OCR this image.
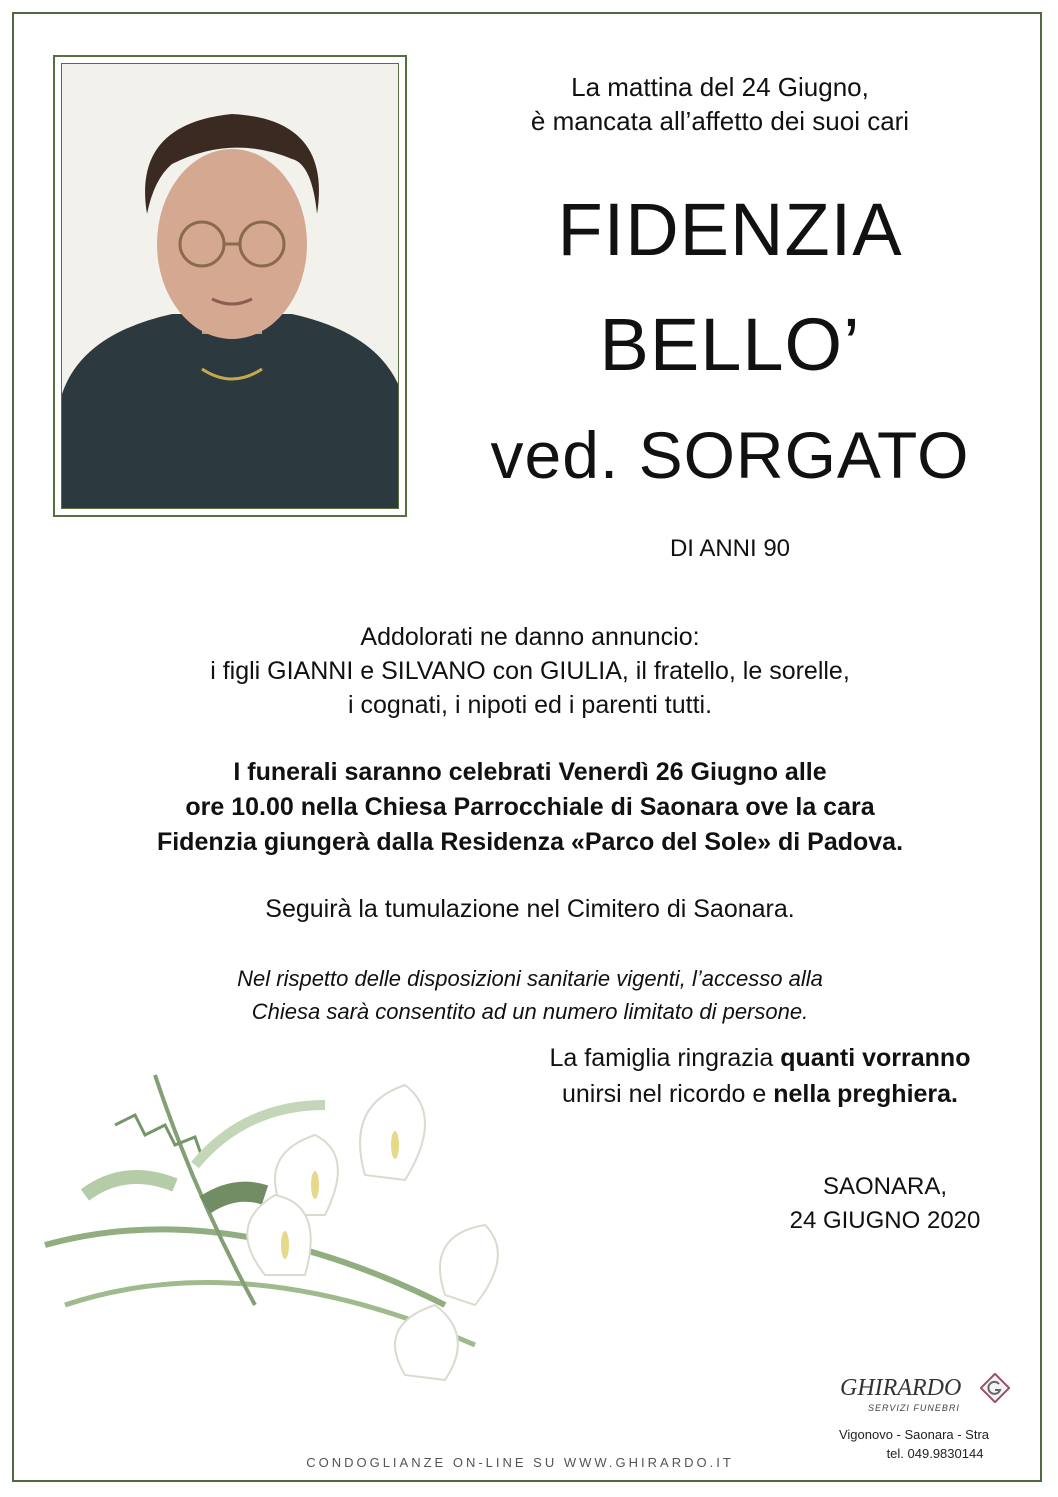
La mattina del 24 Giugno,
è mancata all’affetto dei suoi cari
FIDENZIA
BELLO’
ved. SORGATO
DI ANNI 90
Addolorati ne danno annuncio:
i figli GIANNI e SILVANO con GIULIA, il fratello, le sorelle,
i cognati, i nipoti ed i parenti tutti.
I funerali saranno celebrati Venerdì 26 Giugno alle
ore 10.00 nella Chiesa Parrocchiale di Saonara ove la cara
Fidenzia giungerà dalla Residenza «Parco del Sole» di Padova.
Seguirà la tumulazione nel Cimitero di Saonara.
Nel rispetto delle disposizioni sanitarie vigenti, l’accesso alla
Chiesa sarà consentito ad un numero limitato di persone.
La famiglia ringrazia quanti vorranno
unirsi nel ricordo e nella preghiera.
SAONARA,
24 GIUGNO 2020
GHIRARDO
SERVIZI FUNEBRI
Vigonovo - Saonara - Stra
tel. 049.9830144
CONDOGLIANZE ON-LINE SU WWW.GHIRARDO.IT
